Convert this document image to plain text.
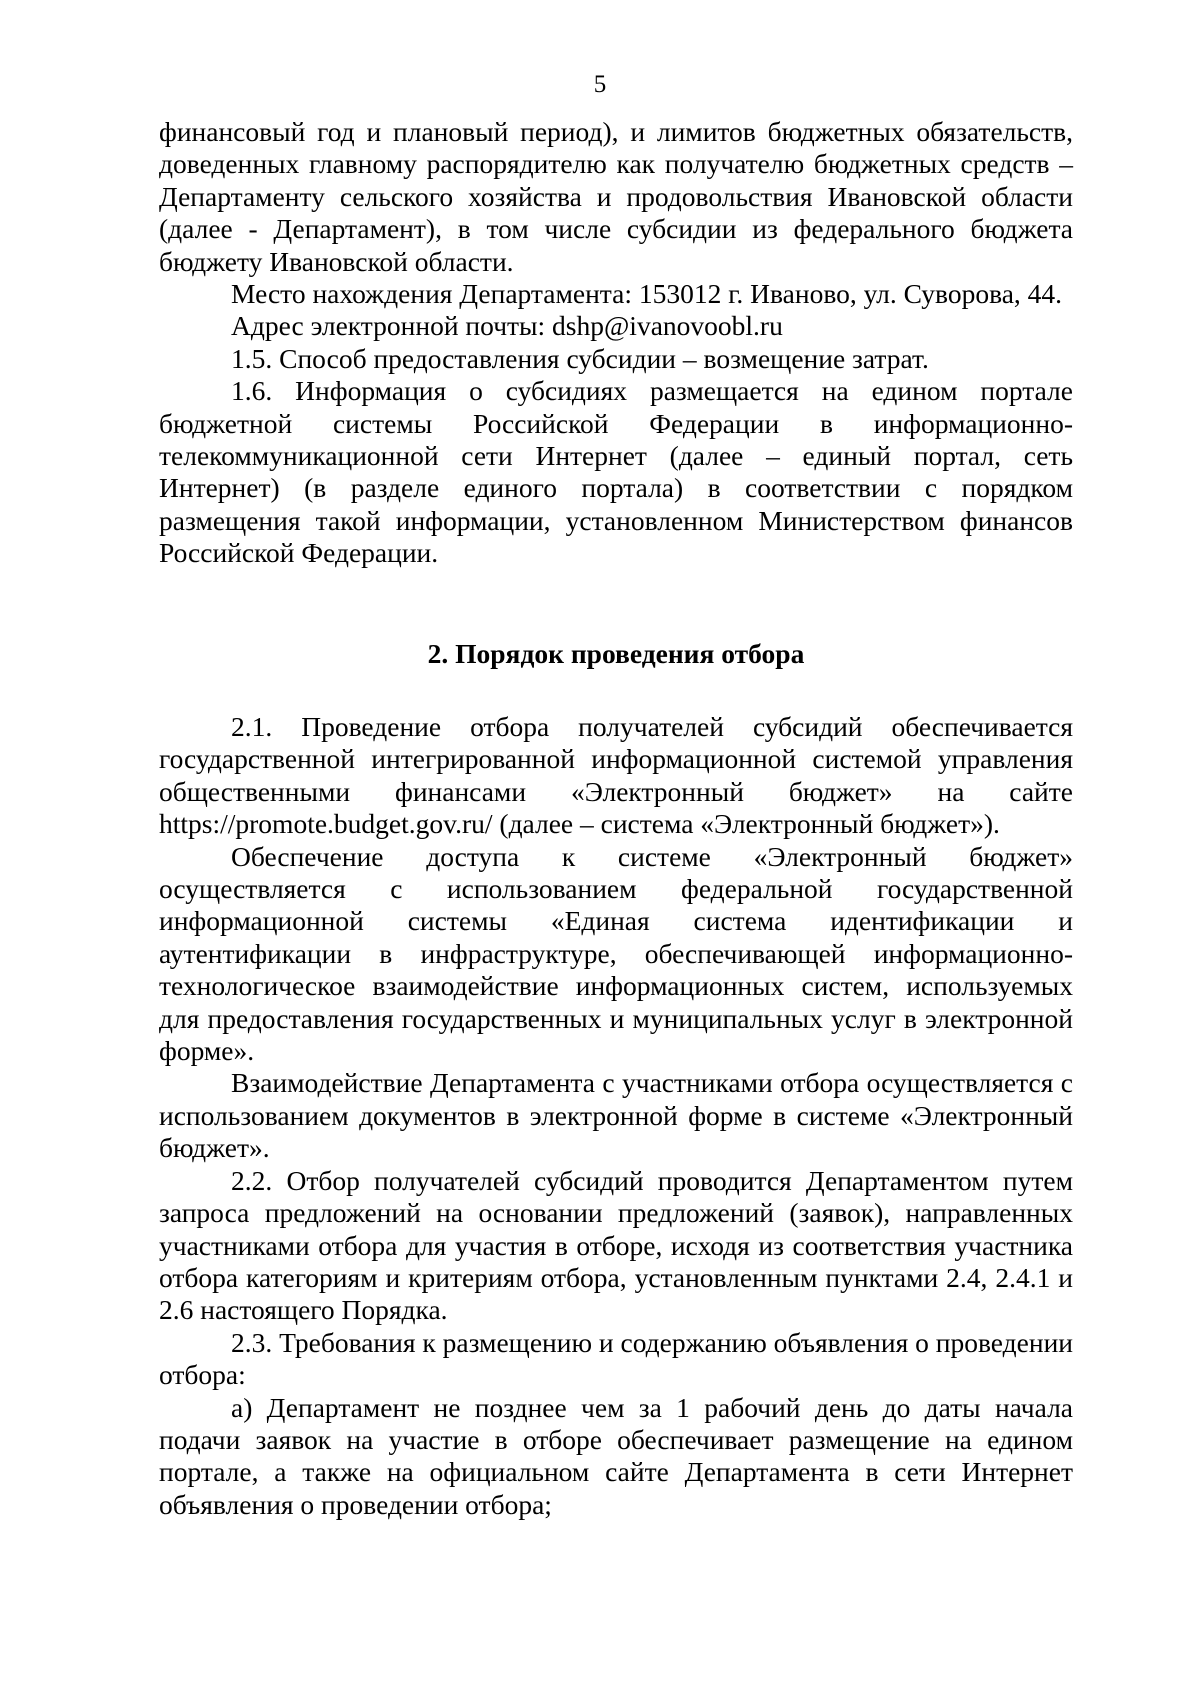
5

финансовый год и плановый период), и лимитов бюджетных обязательств, доведенных главному распорядителю как получателю бюджетных средств – Департаменту сельского хозяйства и продовольствия Ивановской области (далее - Департамент), в том числе субсидии из федерального бюджета бюджету Ивановской области.

Место нахождения Департамента: 153012 г. Иваново, ул. Суворова, 44.

Адрес электронной почты: dshp@ivanovoobl.ru

1.5. Способ предоставления субсидии – возмещение затрат.

1.6. Информация о субсидиях размещается на едином портале бюджетной системы Российской Федерации в информационно-телекоммуникационной сети Интернет (далее – единый портал, сеть Интернет) (в разделе единого портала) в соответствии с порядком размещения такой информации, установленном Министерством финансов Российской Федерации.

2. Порядок проведения отбора

2.1. Проведение отбора получателей субсидий обеспечивается государственной интегрированной информационной системой управления общественными финансами «Электронный бюджет» на сайте https://promote.budget.gov.ru/ (далее – система «Электронный бюджет»).

Обеспечение доступа к системе «Электронный бюджет» осуществляется с использованием федеральной государственной информационной системы «Единая система идентификации и аутентификации в инфраструктуре, обеспечивающей информационно-технологическое взаимодействие информационных систем, используемых для предоставления государственных и муниципальных услуг в электронной форме».

Взаимодействие Департамента с участниками отбора осуществляется с использованием документов в электронной форме в системе «Электронный бюджет».

2.2. Отбор получателей субсидий проводится Департаментом путем запроса предложений на основании предложений (заявок), направленных участниками отбора для участия в отборе, исходя из соответствия участника отбора категориям и критериям отбора, установленным пунктами 2.4, 2.4.1 и 2.6 настоящего Порядка.

2.3. Требования к размещению и содержанию объявления о проведении отбора:

а) Департамент не позднее чем за 1 рабочий день до даты начала подачи заявок на участие в отборе обеспечивает размещение на едином портале, а также на официальном сайте Департамента в сети Интернет объявления о проведении отбора;
